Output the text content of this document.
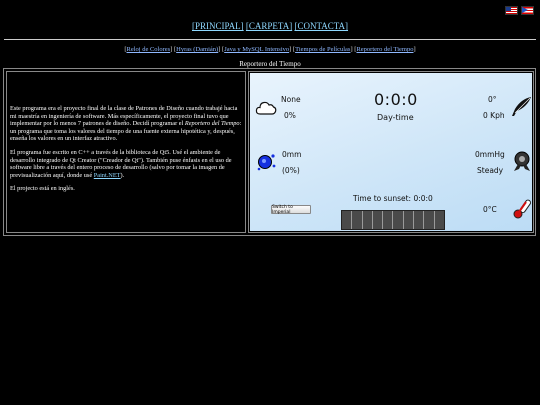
[PRINCIPAL] [CARPETA] [CONTACTA]
[Reloj de Colores] [Hyras (Damián)] [Java y MySQL Intensivo] [Tiempos de Películas] [Reportero del Tiempo]
Reportero del Tiempo

Este programa era el proyecto final de la clase de Patrones de Diseño cuando trabajé hacia mi maestría en ingeniería de software. Más específicamente, el proyecto final tuvo que implementar por lo menos 7 patrones de diseño. Decidí programar el Reportero del Tiempo: un programa que toma los valores del tiempo de una fuente externa hipotética y, después, enseña los valores en un interfaz atractivo.

El programa fue escrito en C++ a través de la biblioteca de Qt5. Usé el ambiente de desarrollo integrado de Qt Creator ("Creador de Qt"). También puse énfasis en el uso de software libre a través del entero proceso de desarrollo (salvo por tomar la imagen de previsualización aquí, donde usé Paint.NET).

El projecto está en inglés.

None
0%
0:0:0
Day-time
0°
0 Kph
0mm
(0%)
0mmHg
Steady
Time to sunset: 0:0:0
Switch to Imperial	0°C
